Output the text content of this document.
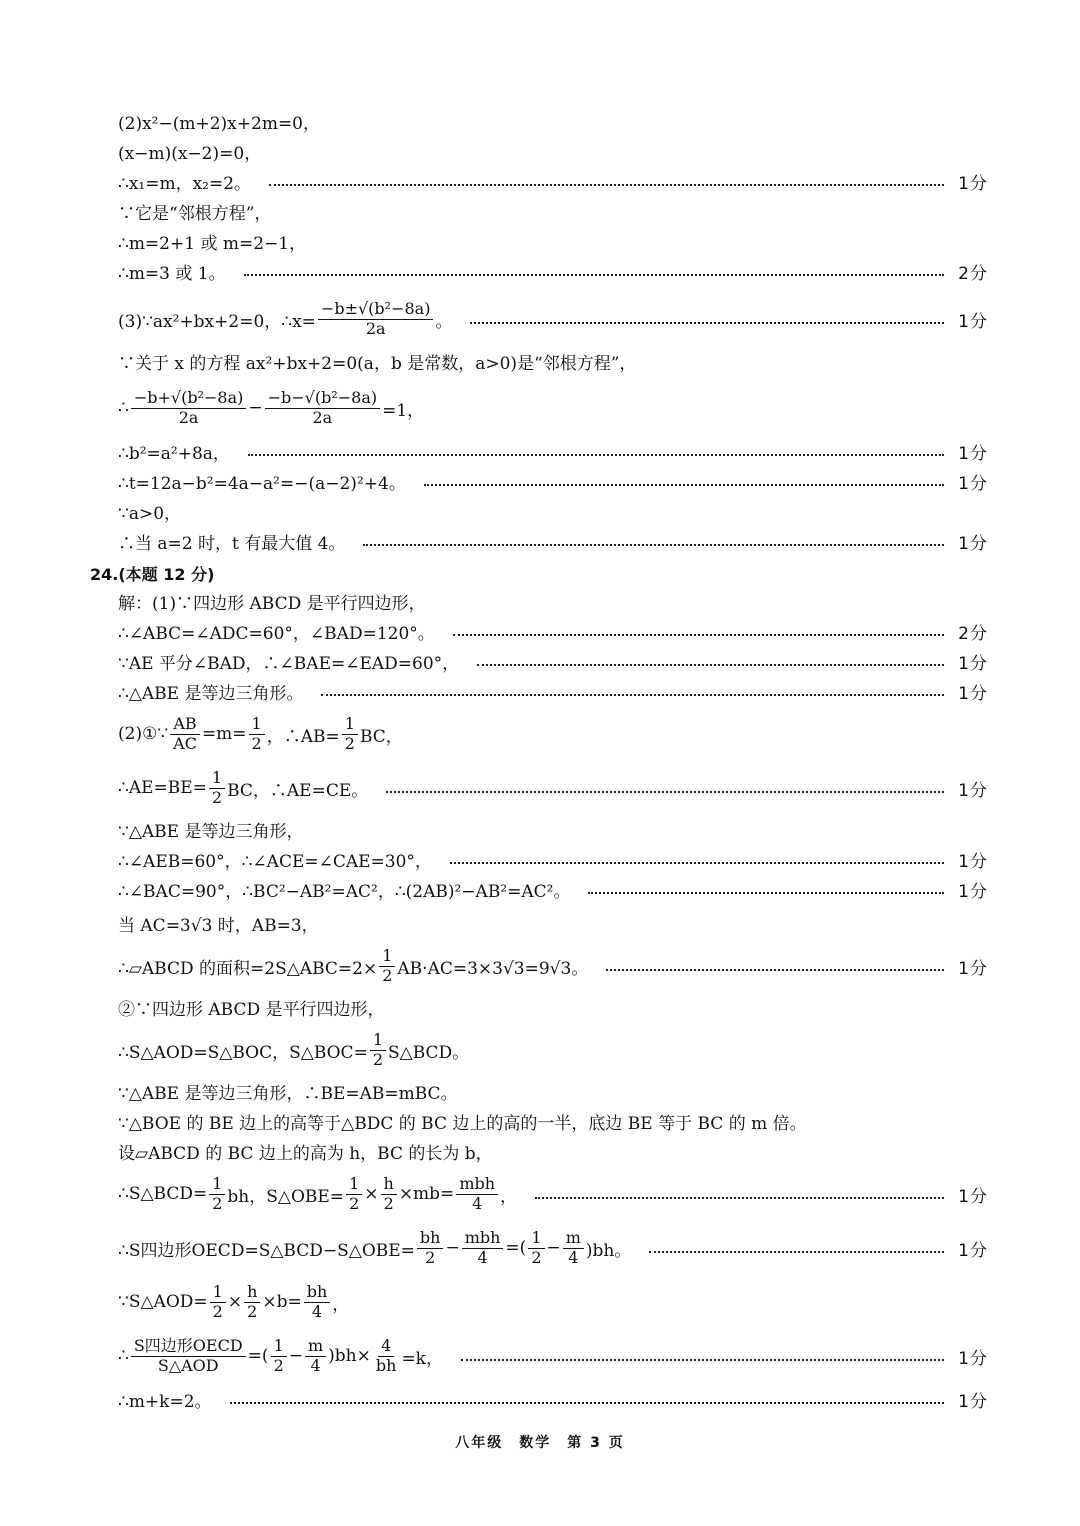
(2)x²−(m+2)x+2m=0，
(x−m)(x−2)=0，
∴x₁=m，x₂=2。	1分
∵它是“邻根方程”，
∴m=2+1 或 m=2−1，
∴m=3 或 1。	2分
(3)∵ax²+bx+2=0，∴x= $\frac{\text{−b±√(b²−8a)}}{2a}$ 。	1分
∵关于 x 的方程 ax²+bx+2=0(a，b 是常数，a>0)是“邻根方程”，
∴ $\frac{\text{−b+√(b²−8a)}}{2a} - \frac{\text{−b−√(b²−8a)}}{2a} =1$，
∴b²=a²+8a，	1分
∴t=12a−b²=4a−a²=−(a−2)²+4。	1分
∵a>0，
∴当 a=2 时，t 有最大值 4。	1分
24.(本题 12 分)
解：(1)∵四边形 ABCD 是平行四边形，
∴∠ABC=∠ADC=60°，∠BAD=120°。	2分
∵AE 平分∠BAD，∴∠BAE=∠EAD=60°，	1分
∴△ABE 是等边三角形。	1分
(2)①∵ $\frac{AB}{AC} =m= \frac{1}{2}$ ，∴AB= $\frac{1}{2}$ BC，
∴AE=BE= $\frac{1}{2}$ BC，∴AE=CE。	1分
∵△ABE 是等边三角形，
∴∠AEB=60°，∴∠ACE=∠CAE=30°，	1分
∴∠BAC=90°，∴BC²−AB²=AC²，∴(2AB)²−AB²=AC²。	1分
当 AC=3√3 时，AB=3，
∴▱ABCD 的面积=2S△ABC=2× $\frac{1}{2} AB\cdot AC=3\times 3√3=9√3$。	1分
②∵四边形 ABCD 是平行四边形，
∴S△AOD=S△BOC，S△BOC= $\frac{1}{2}$ S△BCD。
∵△ABE 是等边三角形，∴BE=AB=mBC。
∵△BOE 的 BE 边上的高等于△BDC 的 BC 边上的高的一半，底边 BE 等于 BC 的 m 倍。
设▱ABCD 的 BC 边上的高为 h，BC 的长为 b，
∴S△BCD= $\frac{1}{2}$ bh，S△OBE= $\frac{1}{2} \times \frac{h}{2} \times mb= \frac{\text{mbh}}{4}$ ，	1分
∴S四边形OECD=S△BCD−S△OBE= $\frac{bh}{2} - \frac{\text{mbh}}{4}$ =( $\frac{1}{2} - \frac{m}{4} )bh$。	1分
∵S△AOD= $\frac{1}{2} \times \frac{h}{2} \times b= \frac{bh}{4}$ ，
∴ $\frac{\text{S四边形OECD}}{\text{S△AOD}}$ =( $\frac{1}{2} - \frac{m}{4} )bh\times \frac{4}{bh} =k$，	1分
∴m+k=2。	1分
八年级　数学　第 3 页
